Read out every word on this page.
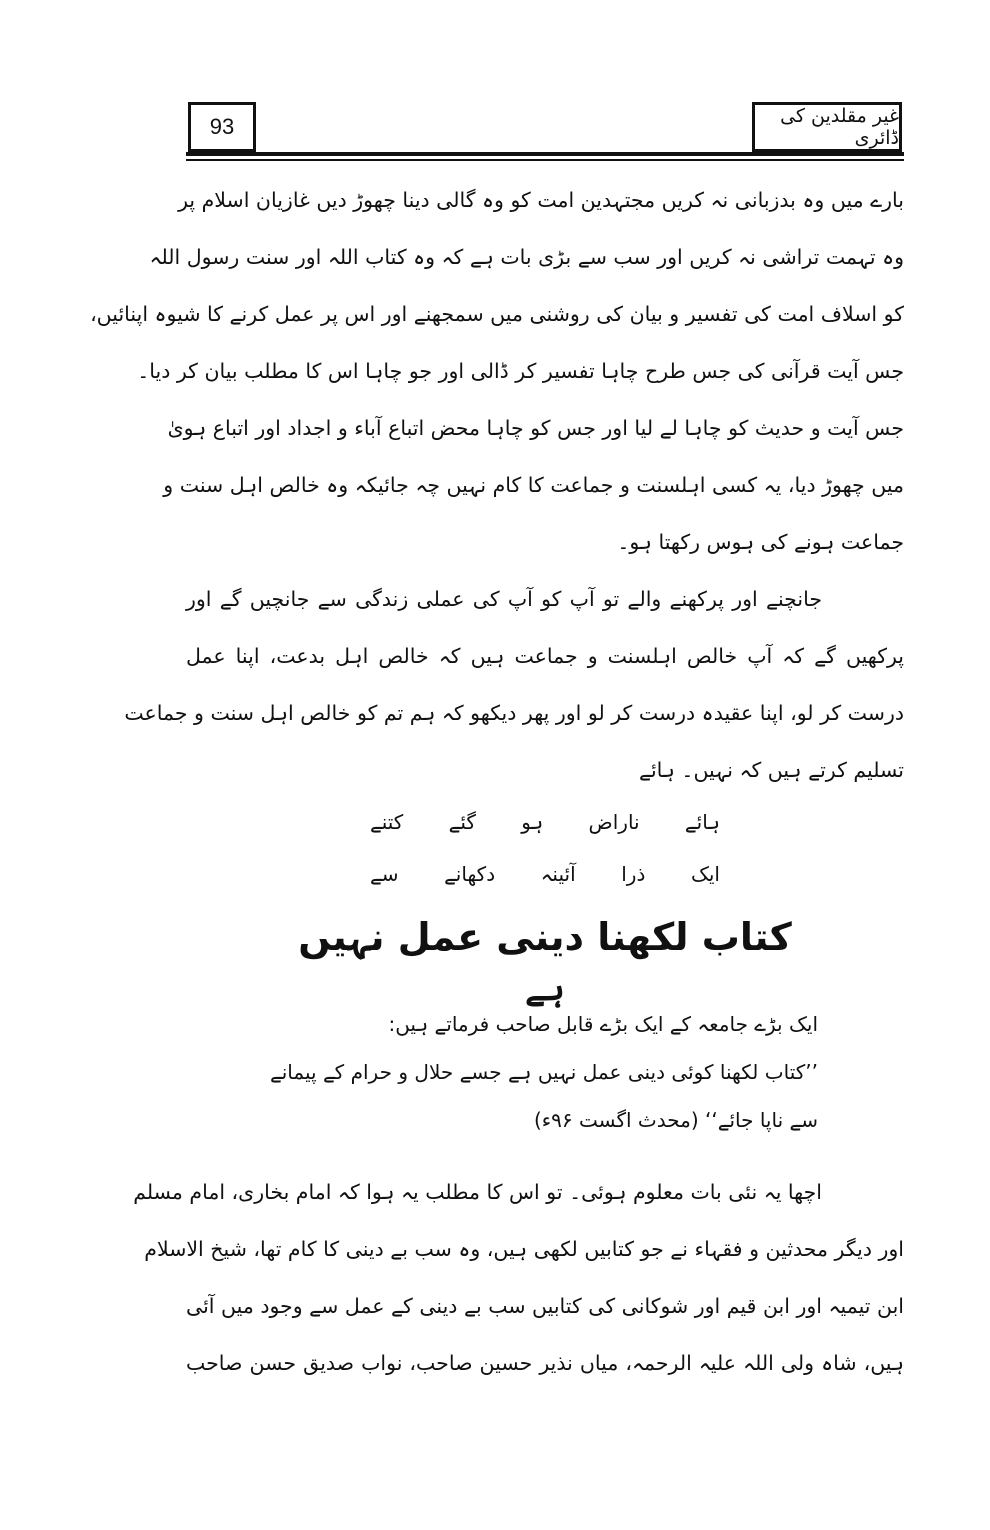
93	غیر مقلدین کی ڈائری
بارے میں وہ بدزبانی نہ کریں مجتہدین امت کو وہ گالی دینا چھوڑ دیں غازیان اسلام پر
وہ تہمت تراشی نہ کریں اور سب سے بڑی بات ہے کہ وہ کتاب اللہ اور سنت رسول اللہ
کو اسلاف امت کی تفسیر و بیان کی روشنی میں سمجھنے اور اس پر عمل کرنے کا شیوہ اپنائیں،
جس آیت قرآنی کی جس طرح چاہا تفسیر کر ڈالی اور جو چاہا اس کا مطلب بیان کر دیا۔
جس آیت و حدیث کو چاہا لے لیا اور جس کو چاہا محض اتباع آباء و اجداد اور اتباع ہویٰ
میں چھوڑ دیا، یہ کسی اہلسنت و جماعت کا کام نہیں چہ جائیکہ وہ خالص اہل سنت و
جماعت ہونے کی ہوس رکھتا ہو۔
جانچنے اور پرکھنے والے تو آپ کو آپ کی عملی زندگی سے جانچیں گے اور
پرکھیں گے کہ آپ خالص اہلسنت و جماعت ہیں کہ خالص اہل بدعت، اپنا عمل
درست کر لو، اپنا عقیدہ درست کر لو اور پھر دیکھو کہ ہم تم کو خالص اہل سنت و جماعت
تسلیم کرتے ہیں کہ نہیں۔ ہائے
ہائے ناراض ہو گئے کتنے
ایک ذرا آئینہ دکھانے سے
کتاب لکھنا دینی عمل نہیں
ہے
ایک بڑے جامعہ کے ایک بڑے قابل صاحب فرماتے ہیں:
’’کتاب لکھنا کوئی دینی عمل نہیں ہے جسے حلال و حرام کے پیمانے
سے ناپا جائے‘‘ (محدث اگست ۹۶ء)
اچھا یہ نئی بات معلوم ہوئی۔ تو اس کا مطلب یہ ہوا کہ امام بخاری، امام مسلم
اور دیگر محدثین و فقہاء نے جو کتابیں لکھی ہیں، وہ سب بے دینی کا کام تھا، شیخ الاسلام
ابن تیمیہ اور ابن قیم اور شوکانی کی کتابیں سب بے دینی کے عمل سے وجود میں آئی
ہیں، شاہ ولی اللہ علیہ الرحمہ، میاں نذیر حسین صاحب، نواب صدیق حسن صاحب
